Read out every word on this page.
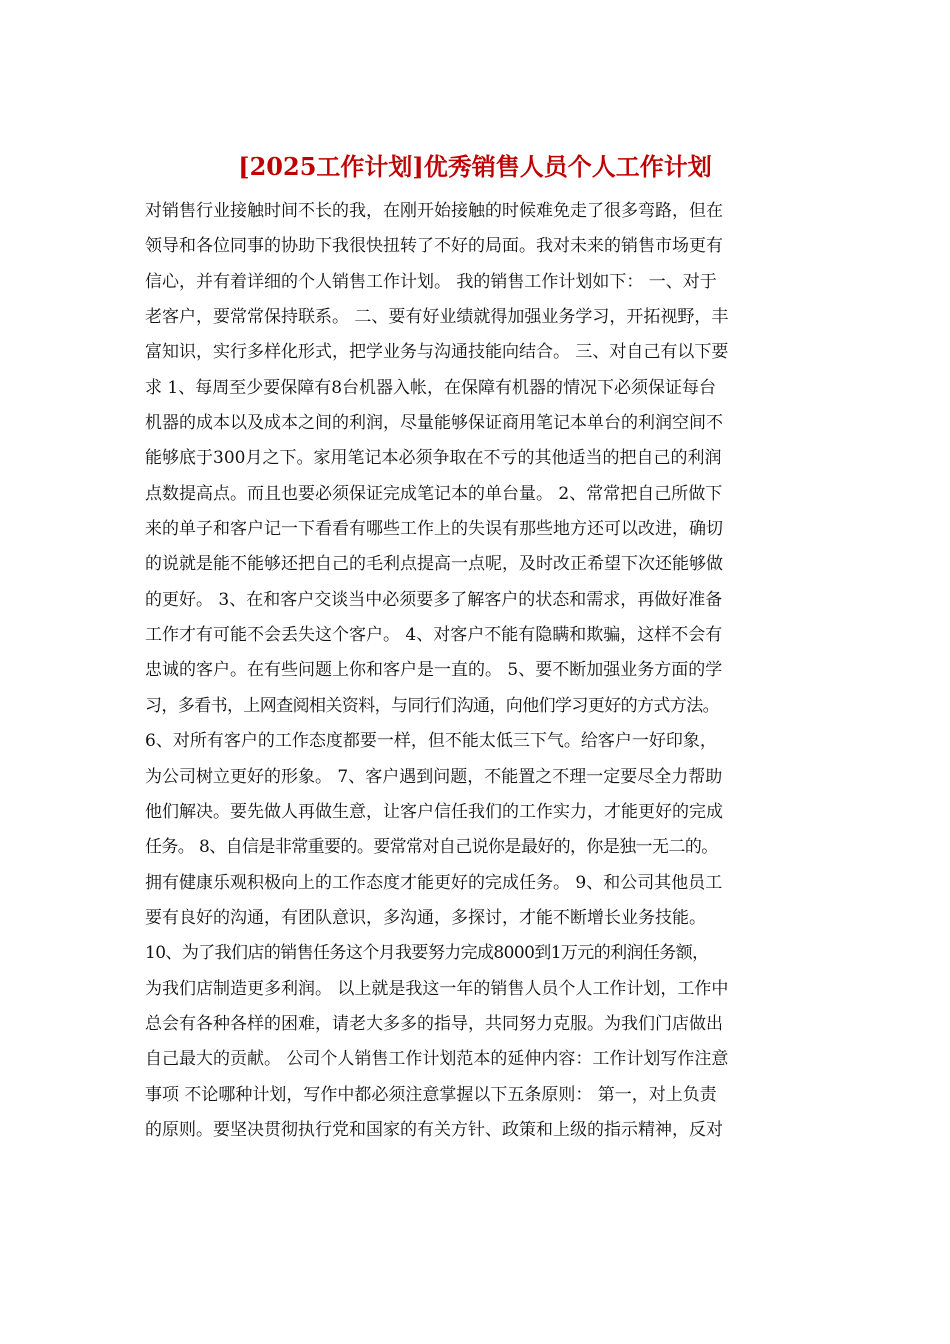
[2025工作计划]优秀销售人员个人工作计划
对销售行业接触时间不长的我，在刚开始接触的时候难免走了很多弯路，但在
领导和各位同事的协助下我很快扭转了不好的局面。我对未来的销售市场更有
信心，并有着详细的个人销售工作计划。 我的销售工作计划如下： 一、对于
老客户，要常常保持联系。 二、要有好业绩就得加强业务学习，开拓视野，丰
富知识，实行多样化形式，把学业务与沟通技能向结合。 三、对自己有以下要
求 1、每周至少要保障有8台机器入帐，在保障有机器的情况下必须保证每台
机器的成本以及成本之间的利润，尽量能够保证商用笔记本单台的利润空间不
能够底于300月之下。家用笔记本必须争取在不亏的其他适当的把自己的利润
点数提高点。而且也要必须保证完成笔记本的单台量。 2、常常把自己所做下
来的单子和客户记一下看看有哪些工作上的失误有那些地方还可以改进，确切
的说就是能不能够还把自己的毛利点提高一点呢，及时改正希望下次还能够做
的更好。 3、在和客户交谈当中必须要多了解客户的状态和需求，再做好准备
工作才有可能不会丢失这个客户。 4、对客户不能有隐瞒和欺骗，这样不会有
忠诚的客户。在有些问题上你和客户是一直的。 5、要不断加强业务方面的学
习，多看书，上网查阅相关资料，与同行们沟通，向他们学习更好的方式方法。
6、对所有客户的工作态度都要一样，但不能太低三下气。给客户一好印象，
为公司树立更好的形象。 7、客户遇到问题，不能置之不理一定要尽全力帮助
他们解决。要先做人再做生意，让客户信任我们的工作实力，才能更好的完成
任务。 8、自信是非常重要的。要常常对自己说你是最好的，你是独一无二的。
拥有健康乐观积极向上的工作态度才能更好的完成任务。 9、和公司其他员工
要有良好的沟通，有团队意识，多沟通，多探讨，才能不断增长业务技能。
10、为了我们店的销售任务这个月我要努力完成8000到1万元的利润任务额，
为我们店制造更多利润。 以上就是我这一年的销售人员个人工作计划，工作中
总会有各种各样的困难，请老大多多的指导，共同努力克服。为我们门店做出
自己最大的贡献。 公司个人销售工作计划范本的延伸内容：工作计划写作注意
事项 不论哪种计划，写作中都必须注意掌握以下五条原则： 第一，对上负责
的原则。要坚决贯彻执行党和国家的有关方针、政策和上级的指示精神，反对
